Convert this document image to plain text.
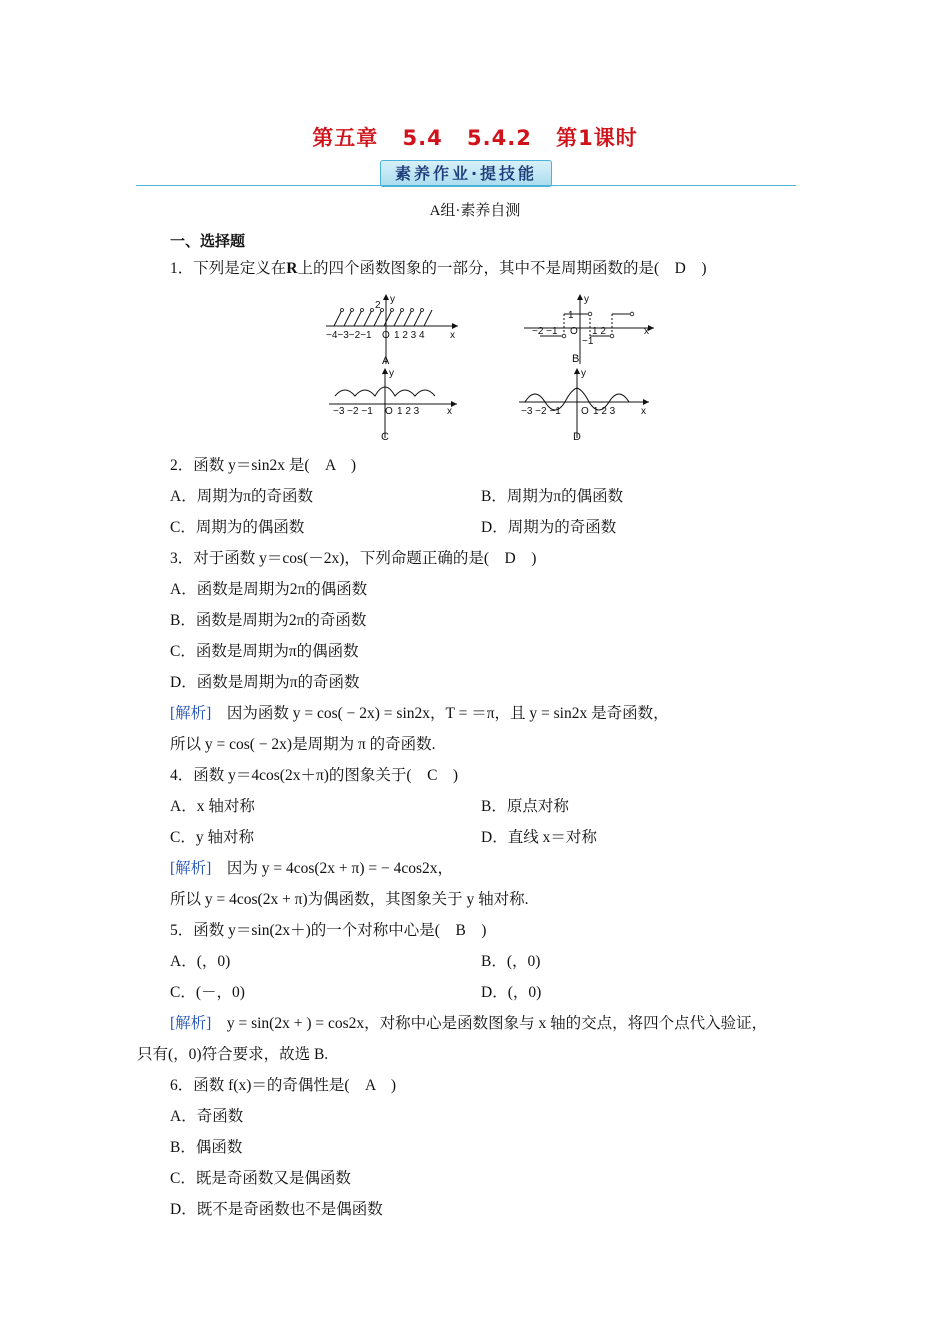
第五章 5.4 5.4.2 第1课时
素养作业·提技能
A组·素养自测
一、选择题
1．下列是定义在R上的四个函数图象的一部分，其中不是周期函数的是(　D　)
2
y
−4−3−2−1 O 1 2 3 4	x
A
1
y
−2 −1 O 1 2	x
−1
B
y
−3 −2 −1 O 1 2 3	x
C
y
−3 −2 −1 O 1 2 3	x
D
2．函数 y＝sin2x 是(　A　)
A．周期为π的奇函数	B．周期为π的偶函数
C．周期为的偶函数	D．周期为的奇函数
3．对于函数 y＝cos(－2x)，下列命题正确的是(　D　)
A．函数是周期为2π的偶函数
B．函数是周期为2π的奇函数
C．函数是周期为π的偶函数
D．函数是周期为π的奇函数
[解析]　 因为函数 y = cos( − 2x) = sin2x，T = ＝π，且 y = sin2x 是奇函数，
所以 y = cos( − 2x)是周期为 π 的奇函数.
4．函数 y＝4cos(2x＋π)的图象关于(　C　)
A．x 轴对称	B．原点对称
C．y 轴对称	D．直线 x＝对称
[解析]　 因为 y = 4cos(2x + π) = − 4cos2x，
所以 y = 4cos(2x + π)为偶函数，其图象关于 y 轴对称.
5．函数 y＝sin(2x＋)的一个对称中心是(　B　)
A．(，0)	B．(，0)
C．(－，0)	D．(，0)
[解析]　 y = sin(2x + ) = cos2x，对称中心是函数图象与 x 轴的交点，将四个点代入验证，
只有(，0)符合要求，故选 B.
6．函数 f(x)＝的奇偶性是(　A　)
A．奇函数
B．偶函数
C．既是奇函数又是偶函数
D．既不是奇函数也不是偶函数
